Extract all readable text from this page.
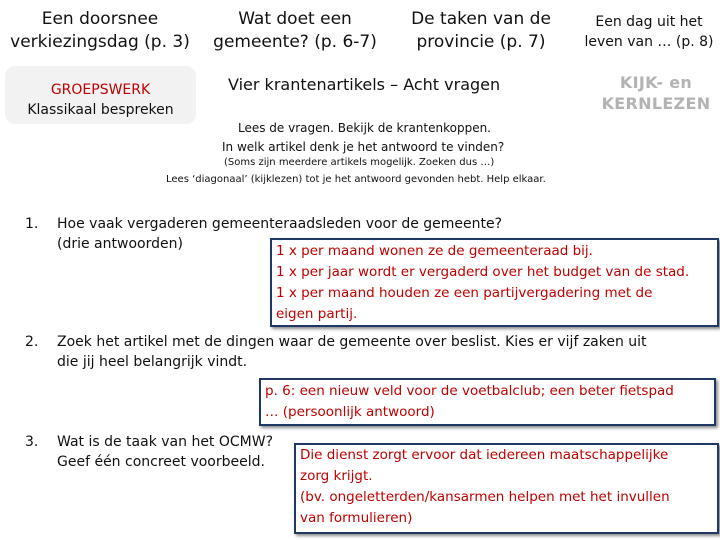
Een doorsnee
verkiezingsdag (p. 3)
Wat doet een
gemeente? (p. 6-7)
De taken van de
provincie (p. 7)
Een dag uit het
leven van … (p. 8)
GROEPSWERK
Klassikaal bespreken
Vier krantenartikels – Acht vragen	KIJK- en
KERNLEZEN
Lees de vragen. Bekijk de krantenkoppen.
In welk artikel denk je het antwoord te vinden?
(Soms zijn meerdere artikels mogelijk. Zoeken dus …)
Lees ‘diagonaal’ (kijklezen) tot je het antwoord gevonden hebt. Help elkaar.
1. Hoe vaak vergaderen gemeenteraadsleden voor de gemeente?
(drie antwoorden)	1 x per maand wonen ze de gemeenteraad bij.
1 x per jaar wordt er vergaderd over het budget van de stad.
1 x per maand houden ze een partijvergadering met de
eigen partij.
2. Zoek het artikel met de dingen waar de gemeente over beslist. Kies er vijf zaken uit
die jij heel belangrijk vindt.
p. 6: een nieuw veld voor de voetbalclub; een beter fietspad
… (persoonlijk antwoord)
3. Wat is de taak van het OCMW?
Geef één concreet voorbeeld.	Die dienst zorgt ervoor dat iedereen maatschappelijke
zorg krijgt.
(bv. ongeletterden/kansarmen helpen met het invullen
van formulieren)
